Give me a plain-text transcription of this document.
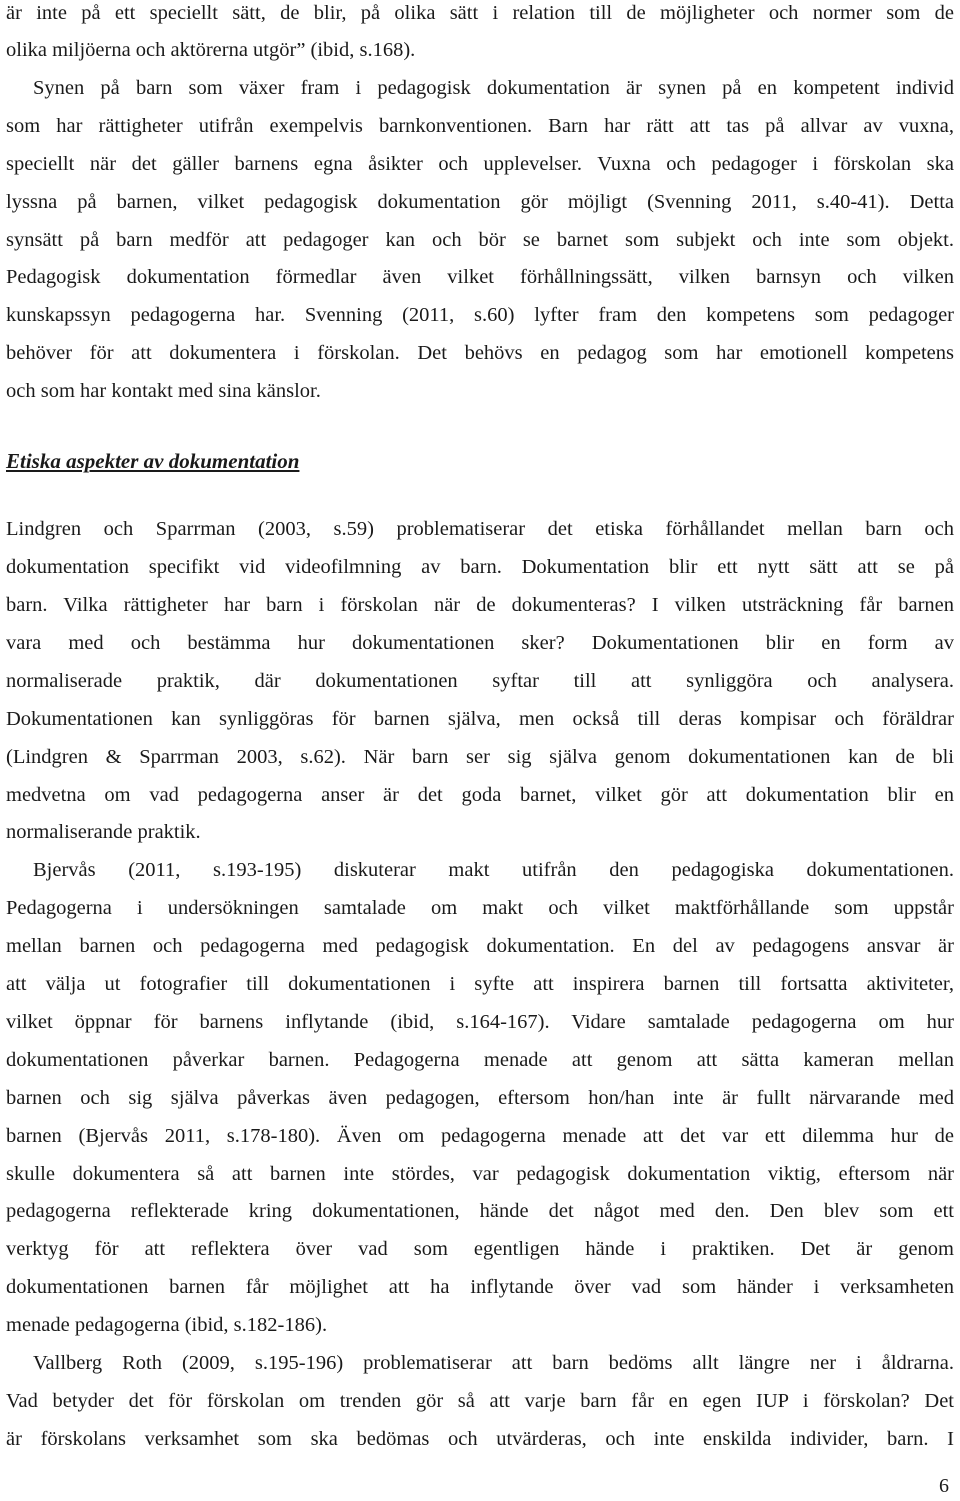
är inte på ett speciellt sätt, de blir, på olika sätt i relation till de möjligheter och normer som de
olika miljöerna och aktörerna utgör” (ibid, s.168).
Synen på barn som växer fram i pedagogisk dokumentation är synen på en kompetent individ
som har rättigheter utifrån exempelvis barnkonventionen. Barn har rätt att tas på allvar av vuxna,
speciellt när det gäller barnens egna åsikter och upplevelser. Vuxna och pedagoger i förskolan ska
lyssna på barnen, vilket pedagogisk dokumentation gör möjligt (Svenning 2011, s.40-41). Detta
synsätt på barn medför att pedagoger kan och bör se barnet som subjekt och inte som objekt.
Pedagogisk dokumentation förmedlar även vilket förhållningssätt, vilken barnsyn och vilken
kunskapssyn pedagogerna har. Svenning (2011, s.60) lyfter fram den kompetens som pedagoger
behöver för att dokumentera i förskolan. Det behövs en pedagog som har emotionell kompetens
och som har kontakt med sina känslor.
Etiska aspekter av dokumentation
Lindgren och Sparrman (2003, s.59) problematiserar det etiska förhållandet mellan barn och
dokumentation specifikt vid videofilmning av barn. Dokumentation blir ett nytt sätt att se på
barn. Vilka rättigheter har barn i förskolan när de dokumenteras? I vilken utsträckning får barnen
vara med och bestämma hur dokumentationen sker? Dokumentationen blir en form av
normaliserade praktik, där dokumentationen syftar till att synliggöra och analysera.
Dokumentationen kan synliggöras för barnen själva, men också till deras kompisar och föräldrar
(Lindgren & Sparrman 2003, s.62). När barn ser sig själva genom dokumentationen kan de bli
medvetna om vad pedagogerna anser är det goda barnet, vilket gör att dokumentation blir en
normaliserande praktik.
Bjervås (2011, s.193-195) diskuterar makt utifrån den pedagogiska dokumentationen.
Pedagogerna i undersökningen samtalade om makt och vilket maktförhållande som uppstår
mellan barnen och pedagogerna med pedagogisk dokumentation. En del av pedagogens ansvar är
att välja ut fotografier till dokumentationen i syfte att inspirera barnen till fortsatta aktiviteter,
vilket öppnar för barnens inflytande (ibid, s.164-167). Vidare samtalade pedagogerna om hur
dokumentationen påverkar barnen. Pedagogerna menade att genom att sätta kameran mellan
barnen och sig själva påverkas även pedagogen, eftersom hon/han inte är fullt närvarande med
barnen (Bjervås 2011, s.178-180). Även om pedagogerna menade att det var ett dilemma hur de
skulle dokumentera så att barnen inte stördes, var pedagogisk dokumentation viktig, eftersom när
pedagogerna reflekterade kring dokumentationen, hände det något med den. Den blev som ett
verktyg för att reflektera över vad som egentligen hände i praktiken. Det är genom
dokumentationen barnen får möjlighet att ha inflytande över vad som händer i verksamheten
menade pedagogerna (ibid, s.182-186).
Vallberg Roth (2009, s.195-196) problematiserar att barn bedöms allt längre ner i åldrarna.
Vad betyder det för förskolan om trenden gör så att varje barn får en egen IUP i förskolan? Det
är förskolans verksamhet som ska bedömas och utvärderas, och inte enskilda individer, barn. I
6
